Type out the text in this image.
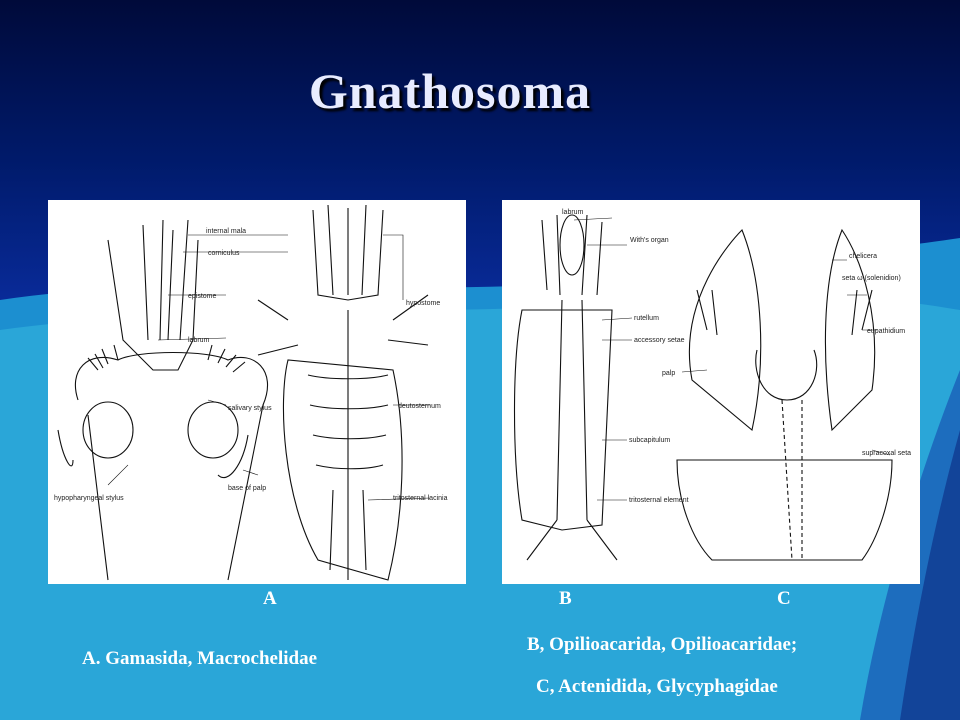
Gnathosoma
internal mala
corniculus
epistome
labrum
salivary stylus
base of palp
hypopharyngeal stylus
hypostome
deutosternum
tritosternal lacinia
labrum
With's organ
rutellum
accessory setae
subcapitulum
tritosternal element
chelicera
seta ω (solenidion)
eupathidium
palp
supracoxal seta
A	B	C
A. Gamasida, Macrochelidae
B, Opilioacarida, Opilioacaridae;
C, Actenidida, Glycyphagidae
